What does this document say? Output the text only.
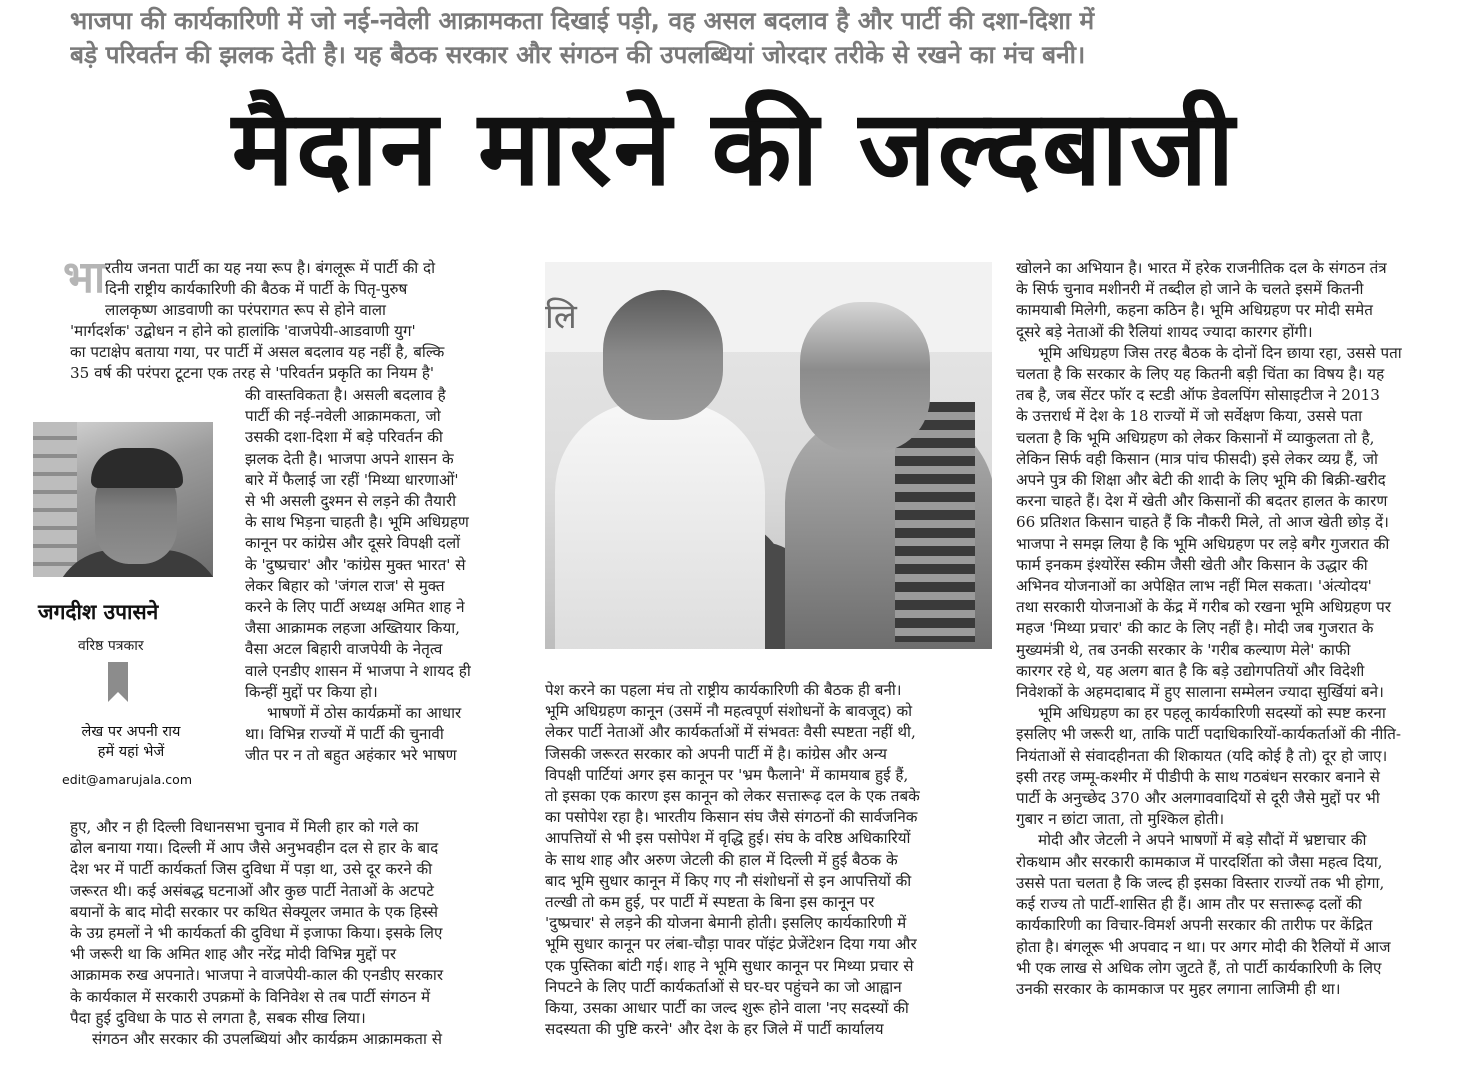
भाजपा की कार्यकारिणी में जो नई-नवेली आक्रामकता दिखाई पड़ी, वह असल बदलाव है और पार्टी की दशा-दिशा में
बड़े परिवर्तन की झलक देती है। यह बैठक सरकार और संगठन की उपलब्धियां जोरदार तरीके से रखने का मंच बनी।
मैदान मारने की जल्दबाजी
भा रतीय जनता पार्टी का यह नया रूप है। बंगलूरू में पार्टी की दो
दिनी राष्ट्रीय कार्यकारिणी की बैठक में पार्टी के पितृ-पुरुष
लालकृष्ण आडवाणी का परंपरागत रूप से होने वाला
'मार्गदर्शक' उद्बोधन न होने को हालांकि 'वाजपेयी-आडवाणी युग'
का पटाक्षेप बताया गया, पर पार्टी में असल बदलाव यह नहीं है, बल्कि
35 वर्ष की परंपरा टूटना एक तरह से 'परिवर्तन प्रकृति का नियम है'
जगदीश उपासने
वरिष्ठ पत्रकार
लेख पर अपनी राय
हमें यहां भेजें
edit@amarujala.com
की वास्तविकता है। असली बदलाव है
पार्टी की नई-नवेली आक्रामकता, जो
उसकी दशा-दिशा में बड़े परिवर्तन की
झलक देती है। भाजपा अपने शासन के
बारे में फैलाई जा रहीं 'मिथ्या धारणाओं'
से भी असली दुश्मन से लड़ने की तैयारी
के साथ भिड़ना चाहती है। भूमि अधिग्रहण
कानून पर कांग्रेस और दूसरे विपक्षी दलों
के 'दुष्प्रचार' और 'कांग्रेस मुक्त भारत' से
लेकर बिहार को 'जंगल राज' से मुक्त
करने के लिए पार्टी अध्यक्ष अमित शाह ने
जैसा आक्रामक लहजा अख्तियार किया,
वैसा अटल बिहारी वाजपेयी के नेतृत्व
वाले एनडीए शासन में भाजपा ने शायद ही
किन्हीं मुद्दों पर किया हो।
भाषणों में ठोस कार्यक्रमों का आधार
था। विभिन्न राज्यों में पार्टी की चुनावी
जीत पर न तो बहुत अहंकार भरे भाषण
हुए, और न ही दिल्ली विधानसभा चुनाव में मिली हार को गले का
ढोल बनाया गया। दिल्ली में आप जैसे अनुभवहीन दल से हार के बाद
देश भर में पार्टी कार्यकर्ता जिस दुविधा में पड़ा था, उसे दूर करने की
जरूरत थी। कई असंबद्ध घटनाओं और कुछ पार्टी नेताओं के अटपटे
बयानों के बाद मोदी सरकार पर कथित सेक्यूलर जमात के एक हिस्से
के उग्र हमलों ने भी कार्यकर्ता की दुविधा में इजाफा किया। इसके लिए
भी जरूरी था कि अमित शाह और नरेंद्र मोदी विभिन्न मुद्दों पर
आक्रामक रुख अपनाते। भाजपा ने वाजपेयी-काल की एनडीए सरकार
के कार्यकाल में सरकारी उपक्रमों के विनिवेश से तब पार्टी संगठन में
पैदा हुई दुविधा के पाठ से लगता है, सबक सीख लिया।
संगठन और सरकार की उपलब्धियां और कार्यक्रम आक्रामकता से
लि
पेश करने का पहला मंच तो राष्ट्रीय कार्यकारिणी की बैठक ही बनी।
भूमि अधिग्रहण कानून (उसमें नौ महत्वपूर्ण संशोधनों के बावजूद) को
लेकर पार्टी नेताओं और कार्यकर्ताओं में संभवतः वैसी स्पष्टता नहीं थी,
जिसकी जरूरत सरकार को अपनी पार्टी में है। कांग्रेस और अन्य
विपक्षी पार्टियां अगर इस कानून पर 'भ्रम फैलाने' में कामयाब हुई हैं,
तो इसका एक कारण इस कानून को लेकर सत्तारूढ़ दल के एक तबके
का पसोपेश रहा है। भारतीय किसान संघ जैसे संगठनों की सार्वजनिक
आपत्तियों से भी इस पसोपेश में वृद्धि हुई। संघ के वरिष्ठ अधिकारियों
के साथ शाह और अरुण जेटली की हाल में दिल्ली में हुई बैठक के
बाद भूमि सुधार कानून में किए गए नौ संशोधनों से इन आपत्तियों की
तल्खी तो कम हुई, पर पार्टी में स्पष्टता के बिना इस कानून पर
'दुष्प्रचार' से लड़ने की योजना बेमानी होती। इसलिए कार्यकारिणी में
भूमि सुधार कानून पर लंबा-चौड़ा पावर पॉइंट प्रेजेंटेशन दिया गया और
एक पुस्तिका बांटी गई। शाह ने भूमि सुधार कानून पर मिथ्या प्रचार से
निपटने के लिए पार्टी कार्यकर्ताओं से घर-घर पहुंचने का जो आह्वान
किया, उसका आधार पार्टी का जल्द शुरू होने वाला 'नए सदस्यों की
सदस्यता की पुष्टि करने' और देश के हर जिले में पार्टी कार्यालय
खोलने का अभियान है। भारत में हरेक राजनीतिक दल के संगठन तंत्र
के सिर्फ चुनाव मशीनरी में तब्दील हो जाने के चलते इसमें कितनी
कामयाबी मिलेगी, कहना कठिन है। भूमि अधिग्रहण पर मोदी समेत
दूसरे बड़े नेताओं की रैलियां शायद ज्यादा कारगर होंगी।
भूमि अधिग्रहण जिस तरह बैठक के दोनों दिन छाया रहा, उससे पता
चलता है कि सरकार के लिए यह कितनी बड़ी चिंता का विषय है। यह
तब है, जब सेंटर फॉर द स्टडी ऑफ डेवलपिंग सोसाइटीज ने 2013
के उत्तरार्ध में देश के 18 राज्यों में जो सर्वेक्षण किया, उससे पता
चलता है कि भूमि अधिग्रहण को लेकर किसानों में व्याकुलता तो है,
लेकिन सिर्फ वही किसान (मात्र पांच फीसदी) इसे लेकर व्यग्र हैं, जो
अपने पुत्र की शिक्षा और बेटी की शादी के लिए भूमि की बिक्री-खरीद
करना चाहते हैं। देश में खेती और किसानों की बदतर हालत के कारण
66 प्रतिशत किसान चाहते हैं कि नौकरी मिले, तो आज खेती छोड़ दें।
भाजपा ने समझ लिया है कि भूमि अधिग्रहण पर लड़े बगैर गुजरात की
फार्म इनकम इंश्योरेंस स्कीम जैसी खेती और किसान के उद्धार की
अभिनव योजनाओं का अपेक्षित लाभ नहीं मिल सकता। 'अंत्योदय'
तथा सरकारी योजनाओं के केंद्र में गरीब को रखना भूमि अधिग्रहण पर
महज 'मिथ्या प्रचार' की काट के लिए नहीं है। मोदी जब गुजरात के
मुख्यमंत्री थे, तब उनकी सरकार के 'गरीब कल्याण मेले' काफी
कारगर रहे थे, यह अलग बात है कि बड़े उद्योगपतियों और विदेशी
निवेशकों के अहमदाबाद में हुए सालाना सम्मेलन ज्यादा सुर्खियां बने।
भूमि अधिग्रहण का हर पहलू कार्यकारिणी सदस्यों को स्पष्ट करना
इसलिए भी जरूरी था, ताकि पार्टी पदाधिकारियों-कार्यकर्ताओं की नीति-
नियंताओं से संवादहीनता की शिकायत (यदि कोई है तो) दूर हो जाए।
इसी तरह जम्मू-कश्मीर में पीडीपी के साथ गठबंधन सरकार बनाने से
पार्टी के अनुच्छेद 370 और अलगाववादियों से दूरी जैसे मुद्दों पर भी
गुबार न छांटा जाता, तो मुश्किल होती।
मोदी और जेटली ने अपने भाषणों में बड़े सौदों में भ्रष्टाचार की
रोकथाम और सरकारी कामकाज में पारदर्शिता को जैसा महत्व दिया,
उससे पता चलता है कि जल्द ही इसका विस्तार राज्यों तक भी होगा,
कई राज्य तो पार्टी-शासित ही हैं। आम तौर पर सत्तारूढ़ दलों की
कार्यकारिणी का विचार-विमर्श अपनी सरकार की तारीफ पर केंद्रित
होता है। बंगलूरू भी अपवाद न था। पर अगर मोदी की रैलियों में आज
भी एक लाख से अधिक लोग जुटते हैं, तो पार्टी कार्यकारिणी के लिए
उनकी सरकार के कामकाज पर मुहर लगाना लाजिमी ही था।
